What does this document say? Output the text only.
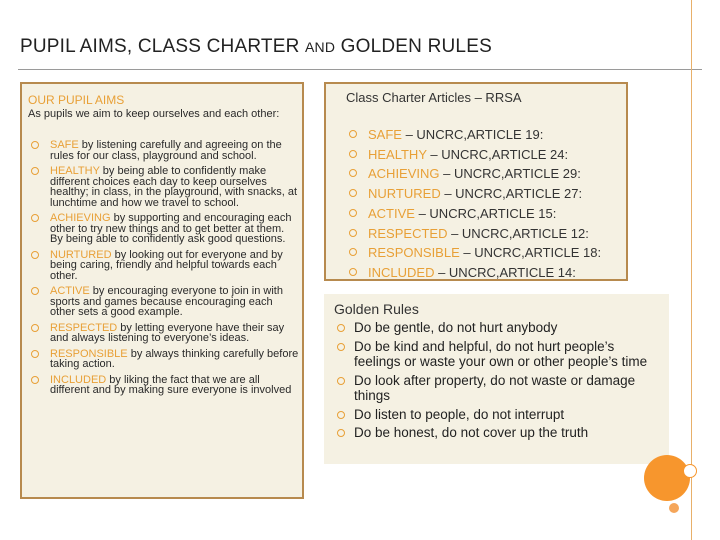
PUPIL AIMS, CLASS CHARTER AND GOLDEN RULES
OUR PUPIL AIMS
As pupils we aim to keep ourselves and each other:
SAFE by listening carefully and agreeing on the rules for our class, playground and school.
HEALTHY by being able to confidently make different choices each day to keep ourselves healthy; in class, in the playground, with snacks, at lunchtime and how we travel to school.
ACHIEVING by supporting and encouraging each other to try new things and to get better at them. By being able to confidently ask good questions.
NURTURED by looking out for everyone and by being caring, friendly and helpful towards each other.
ACTIVE by encouraging everyone to join in with sports and games because encouraging each other sets a good example.
RESPECTED by letting everyone have their say and always listening to everyone’s ideas.
RESPONSIBLE by always thinking carefully before taking action.
INCLUDED by liking the fact that we are all different and by making sure everyone is involved
Class Charter Articles – RRSA
SAFE – UNCRC,ARTICLE 19:
HEALTHY – UNCRC,ARTICLE 24:
ACHIEVING – UNCRC,ARTICLE 29:
NURTURED – UNCRC,ARTICLE 27:
ACTIVE – UNCRC,ARTICLE 15:
RESPECTED – UNCRC,ARTICLE 12:
RESPONSIBLE – UNCRC,ARTICLE 18:
INCLUDED – UNCRC,ARTICLE 14:
Golden Rules
Do be gentle, do not hurt anybody
Do be kind and helpful, do not hurt people’s feelings or waste your own or other people’s time
Do look after property, do not waste or damage things
Do listen to people, do not interrupt
Do be honest, do not cover up the truth
